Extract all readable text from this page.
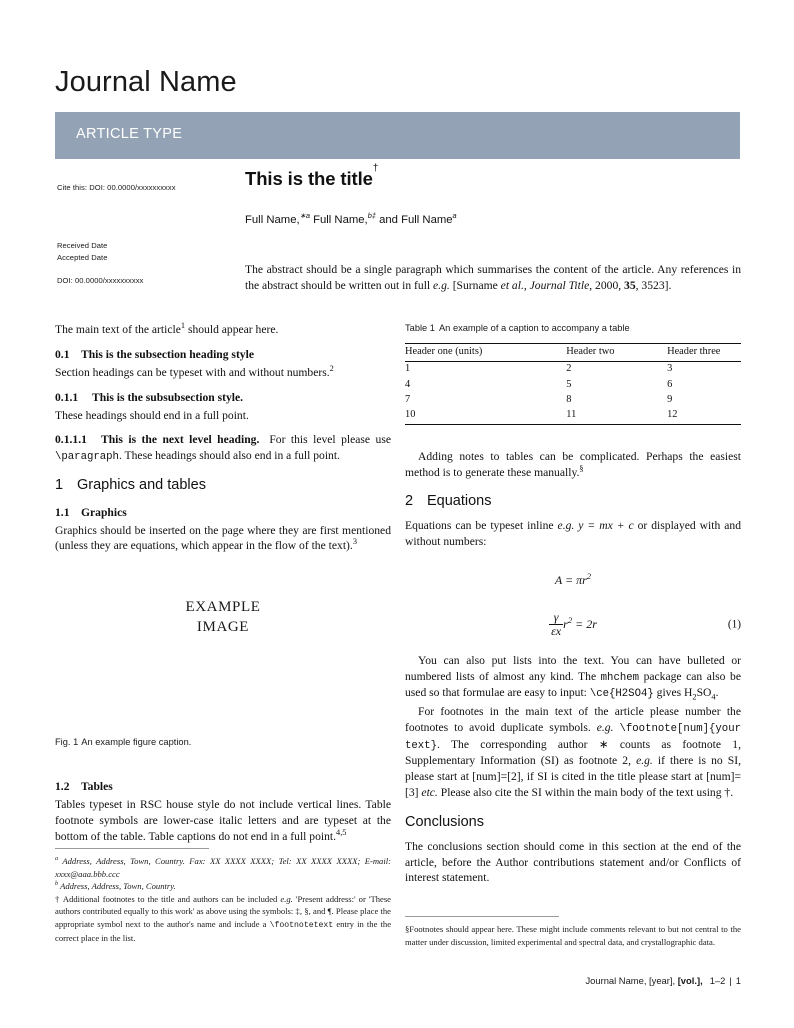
Journal Name
ARTICLE TYPE
Cite this: DOI: 00.0000/xxxxxxxxxx
Received Date
Accepted Date
DOI: 00.0000/xxxxxxxxxx
This is the title†
Full Name,$^{∗a}$ Full Name,$^{b\ddagger}$ and Full Name$^a$
The abstract should be a single paragraph which summarises the content of the article. Any references in the abstract should be written out in full e.g. [Surname et al., Journal Title, 2000, 35, 3523].

The main text of the article$^1$ should appear here.

0.1 This is the subsection heading style

Section headings can be typeset with and without numbers.$^2$

0.1.1 This is the subsubsection style.

These headings should end in a full point.

0.1.1.1 This is the next level heading. For this level please use \paragraph. These headings should also end in a full point.
1 Graphics and tables
1.1 Graphics

Graphics should be inserted on the page where they are first mentioned (unless they are equations, which appear in the flow of the text).$^3$

EXAMPLE
IMAGE
Fig. 1 An example figure caption.
1.2 Tables

Tables typeset in RSC house style do not include vertical lines. Table footnote symbols are lower-case italic letters and are typeset at the bottom of the table. Table captions do not end in a full point.$^{4,5}$

Table 1 An example of a caption to accompany a table
Header one (units)	Header two	Header three
1	2	3
4	5	6
7	8	9
10	11	12

Adding notes to tables can be complicated. Perhaps the easiest method is to generate these manually.§

2 Equations

Equations can be typeset inline e.g. y = mx + c or displayed with and without numbers:

$A = \pi r^2$
$\frac{\gamma}{\varepsilon x} r^2 = 2r$	(1)

You can also put lists into the text. You can have bulleted or numbered lists of almost any kind. The mhchem package can also be used so that formulae are easy to input: \ce{H2SO4} gives $H_2SO_4$.

For footnotes in the main text of the article please number the footnotes to avoid duplicate symbols. e.g. \footnote[num]{your text}. The corresponding author ∗ counts as footnote 1, Supplementary Information (SI) as footnote 2, e.g. if there is no SI, please start at [num]=[2], if SI is cited in the title please start at [num]=[3] etc. Please also cite the SI within the main body of the text using †.

Conclusions

The conclusions section should come in this section at the end of the article, before the Author contributions statement and/or Conflicts of interest statement.

$^a$ Address, Address, Town, Country. Fax: XX XXXX XXXX; Tel: XX XXXX XXXX; E-mail: xxxx@aaa.bbb.ccc
$^b$ Address, Address, Town, Country.
† Additional footnotes to the title and authors can be included e.g. 'Present address:' or 'These authors contributed equally to this work' as above using the symbols: ‡, §, and ¶. Please place the appropriate symbol next to the author's name and include a \footnotetext entry in the the correct place in the list.
§Footnotes should appear here. These might include comments relevant to but not central to the matter under discussion, limited experimental and spectral data, and crystallographic data.
Journal Name, [year], [vol.], 1–2 | 1
